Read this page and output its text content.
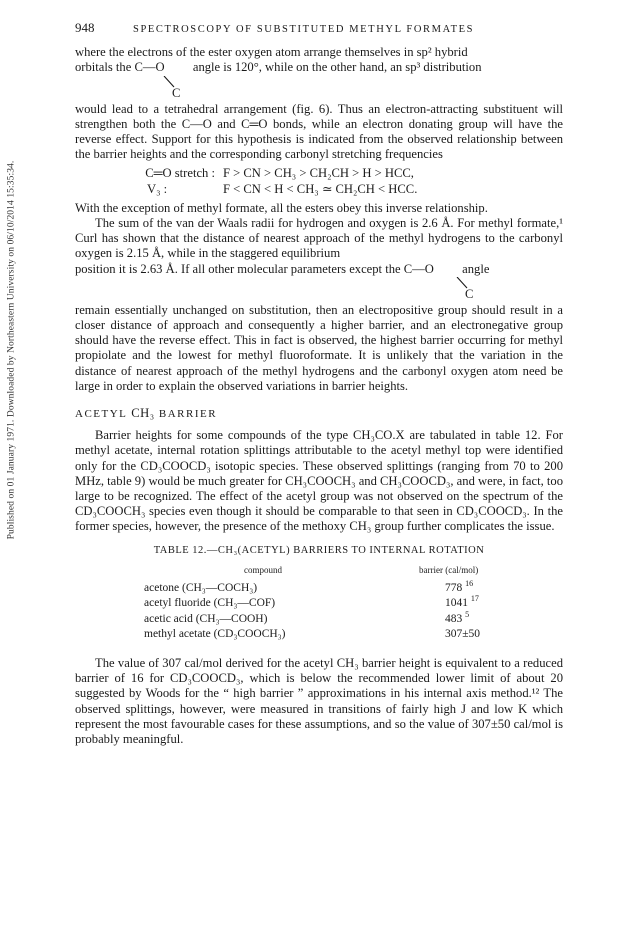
Published on 01 January 1971. Downloaded by Northeastern University on 06/10/2014 15:35:34.
948	SPECTROSCOPY OF SUBSTITUTED METHYL FORMATES

where the electrons of the ester oxygen atom arrange themselves in sp² hybrid

orbitals the C—O angle is 120°, while on the other hand, an sp³ distribution
C

would lead to a tetrahedral arrangement (fig. 6). Thus an electron-attracting substituent will strengthen both the C—O and C═O bonds, while an electron donating group will have the reverse effect. Support for this hypothesis is indicated from the observed relationship between the barrier heights and the corresponding carbonyl stretching frequencies

C═O stretch : F > CN > CH₃ > CH₂CH > H > HCC,
V₃ :	F < CN < H < CH₃ ≃ CH₂CH < HCC.

With the exception of methyl formate, all the esters obey this inverse relationship.

The sum of the van der Waals radii for hydrogen and oxygen is 2.6 Å. For methyl formate,¹ Curl has shown that the distance of nearest approach of the methyl hydrogens to the carbonyl oxygen is 2.15 Å, while in the staggered equilibrium

position it is 2.63 Å. If all other molecular parameters except the C—O angle
C

remain essentially unchanged on substitution, then an electropositive group should result in a closer distance of approach and consequently a higher barrier, and an electronegative group should have the reverse effect. This in fact is observed, the highest barrier occurring for methyl propiolate and the lowest for methyl fluoroformate. It is unlikely that the variation in the distance of nearest approach of the methyl hydrogens and the carbonyl oxygen atom need be large in order to explain the observed variations in barrier heights.

ACETYL CH₃ BARRIER

Barrier heights for some compounds of the type CH₃CO.X are tabulated in table 12. For methyl acetate, internal rotation splittings attributable to the acetyl methyl top were identified only for the CD₃COOCD₃ isotopic species. These observed splittings (ranging from 70 to 200 MHz, table 9) would be much greater for CH₃COOCH₃ and CH₃COOCD₃, and were, in fact, too large to be recognized. The effect of the acetyl group was not observed on the spectrum of the CD₃COOCH₃ species even though it should be comparable to that seen in CD₃COOCD₃. In the former species, however, the presence of the methoxy CH₃ group further complicates the issue.

TABLE 12.—CH₃(ACETYL) BARRIERS TO INTERNAL ROTATION
compound	barrier (cal/mol)
acetone (CH₃—COCH₃)	778 $^{16}$
acetyl fluoride (CH₃—COF)	1041 $^{17}$
acetic acid (CH₃—COOH)	483 $^5$
methyl acetate (CD₃COOCH₃)	307±50

The value of 307 cal/mol derived for the acetyl CH₃ barrier height is equivalent to a reduced barrier of 16 for CD₃COOCD₃, which is below the recommended lower limit of about 20 suggested by Woods for the “ high barrier ” approximations in his internal axis method.¹² The observed splittings, however, were measured in transitions of fairly high J and low K which represent the most favourable cases for these assumptions, and so the value of 307±50 cal/mol is probably meaningful.
